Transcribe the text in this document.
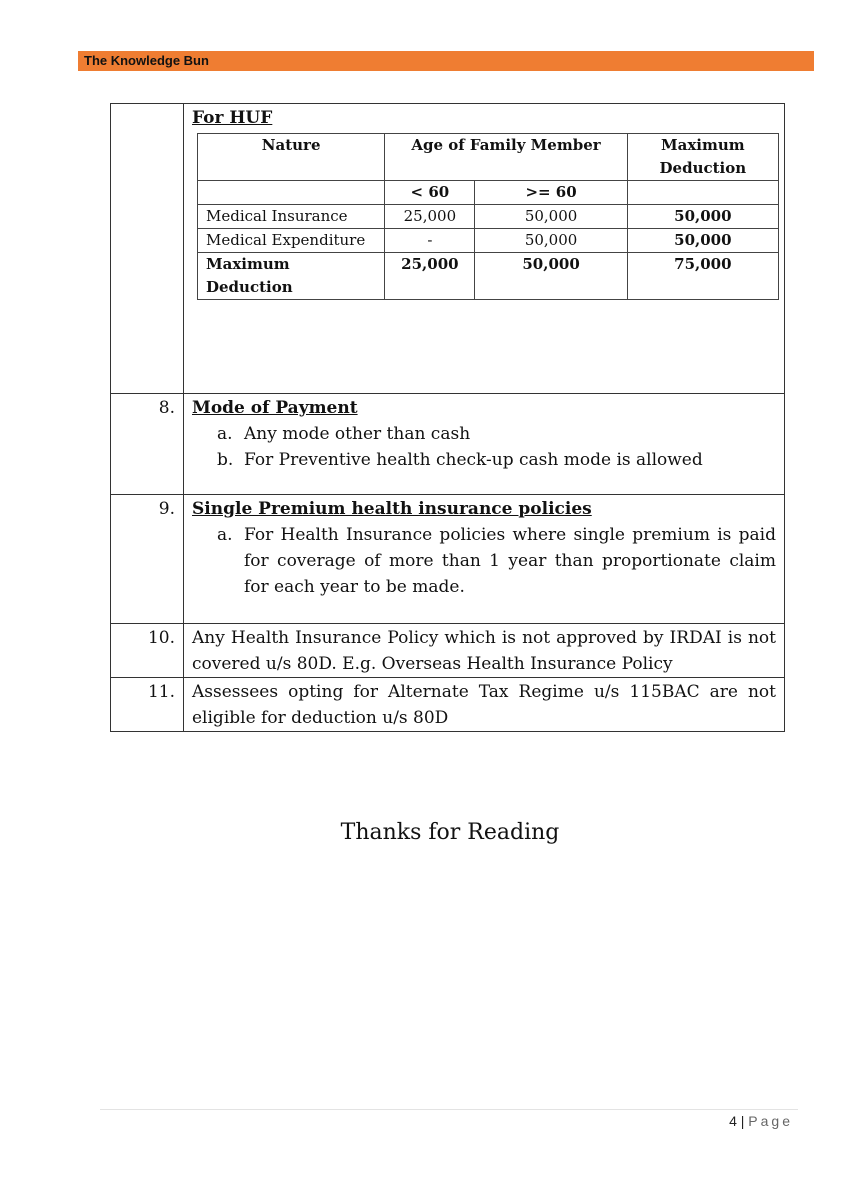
The Knowledge Bun

For HUF
Nature	Age of Family Member	Maximum Deduction
	< 60	>= 60	
Medical Insurance	25,000	50,000	50,000
Medical Expenditure	-	50,000	50,000
Maximum Deduction	25,000	50,000	75,000

8.	Mode of Payment
a. Any mode other than cash
b. For Preventive health check-up cash mode is allowed

9.	Single Premium health insurance policies
a. For Health Insurance policies where single premium is paid for coverage of more than 1 year than proportionate claim for each year to be made.

10.	Any Health Insurance Policy which is not approved by IRDAI is not covered u/s 80D. E.g. Overseas Health Insurance Policy
11.	Assessees opting for Alternate Tax Regime u/s 115BAC are not eligible for deduction u/s 80D
Thanks for Reading
4 | Page
